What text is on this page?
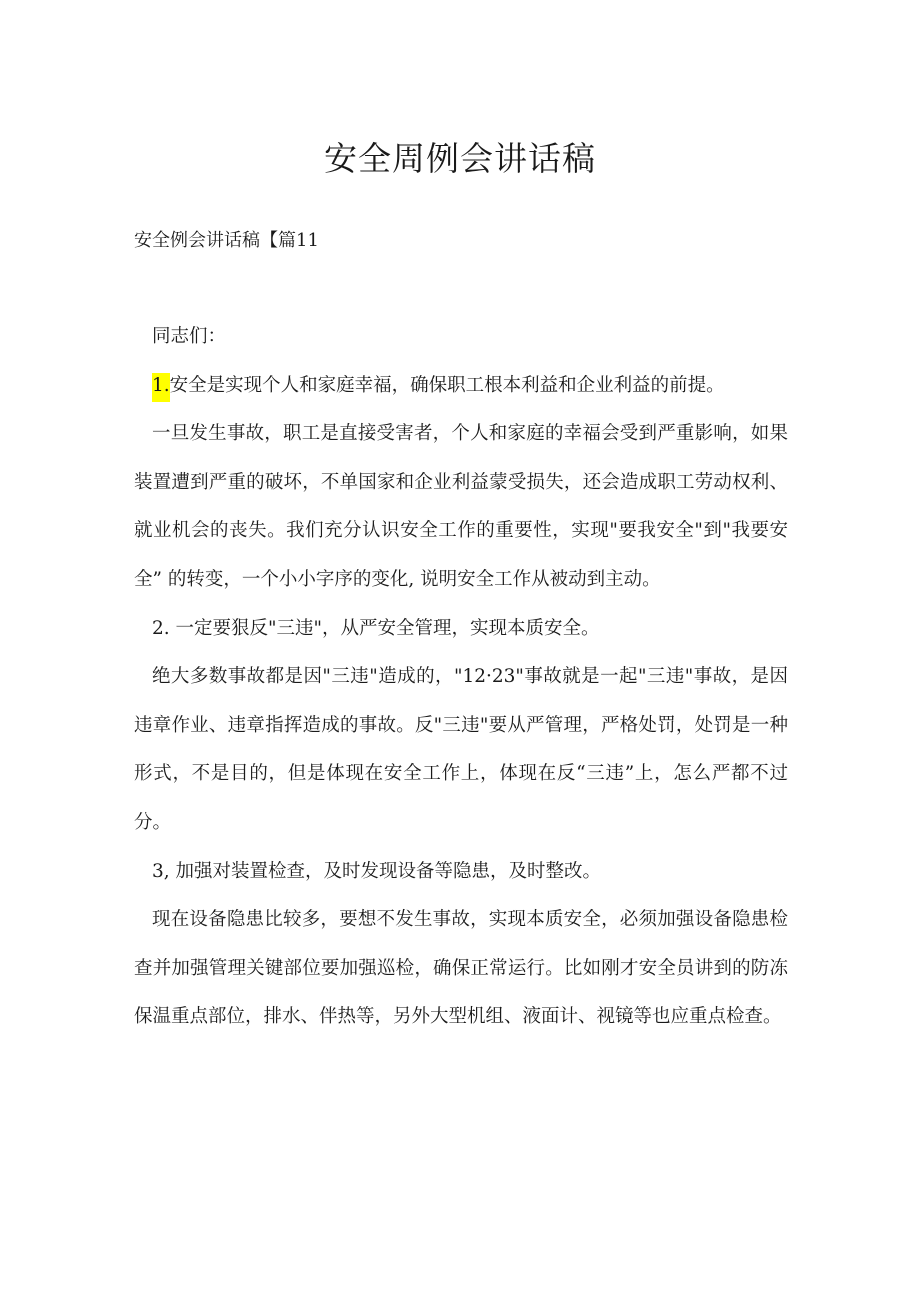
安全周例会讲话稿
安全例会讲话稿【篇11

同志们：

1.安全是实现个人和家庭幸福，确保职工根本利益和企业利益的前提。

一旦发生事故，职工是直接受害者，个人和家庭的幸福会受到严重影响，如果装置遭到严重的破坏，不单国家和企业利益蒙受损失，还会造成职工劳动权利、就业机会的丧失。我们充分认识安全工作的重要性，实现"要我安全"到"我要安全” 的转变，一个小小字序的变化, 说明安全工作从被动到主动。

2. 一定要狠反"三违"，从严安全管理，实现本质安全。

绝大多数事故都是因"三违"造成的，"12·23"事故就是一起"三违"事故，是因违章作业、违章指挥造成的事故。反"三违"要从严管理，严格处罚，处罚是一种形式，不是目的，但是体现在安全工作上，体现在反“三违”上，怎么严都不过分。

3, 加强对装置检查，及时发现设备等隐患，及时整改。

现在设备隐患比较多，要想不发生事故，实现本质安全，必须加强设备隐患检查并加强管理关键部位要加强巡检，确保正常运行。比如刚才安全员讲到的防冻保温重点部位，排水、伴热等，另外大型机组、液面计、视镜等也应重点检查。
